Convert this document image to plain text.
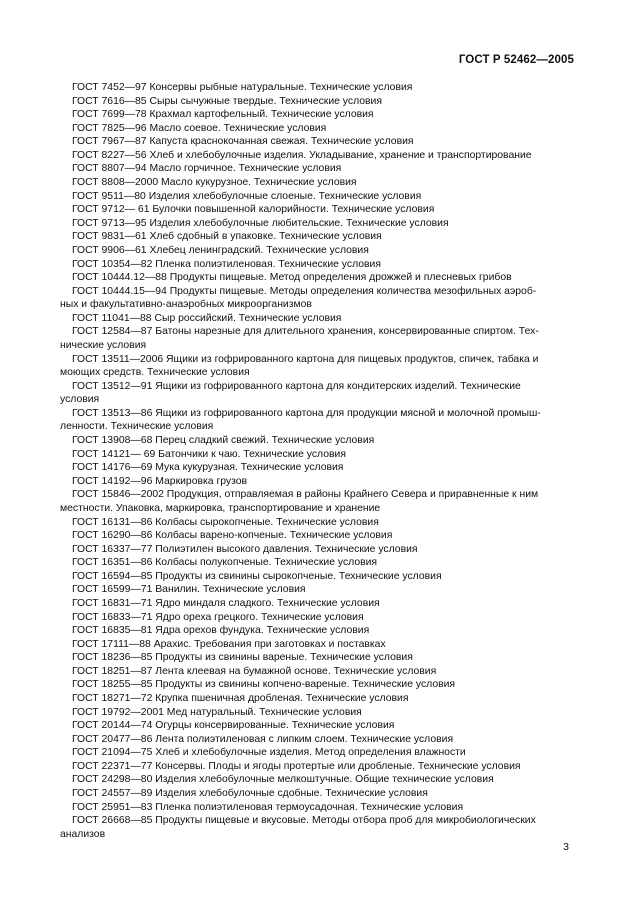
ГОСТ Р 52462—2005
ГОСТ 7452—97 Консервы рыбные натуральные. Технические условия
ГОСТ 7616—85 Сыры сычужные твердые. Технические условия
ГОСТ 7699—78 Крахмал картофельный. Технические условия
ГОСТ 7825—96 Масло соевое. Технические условия
ГОСТ 7967—87 Капуста краснокочанная свежая. Технические условия
ГОСТ 8227—56 Хлеб и хлебобулочные изделия. Укладывание, хранение и транспортирование
ГОСТ 8807—94 Масло горчичное. Технические условия
ГОСТ 8808—2000 Масло кукурузное. Технические условия
ГОСТ 9511—80 Изделия хлебобулочные слоеные. Технические условия
ГОСТ 9712— 61 Булочки повышенной калорийности. Технические условия
ГОСТ 9713—95 Изделия хлебобулочные любительские. Технические условия
ГОСТ 9831—61 Хлеб сдобный в упаковке. Технические условия
ГОСТ 9906—61 Хлебец ленинградский. Технические условия
ГОСТ 10354—82 Пленка полиэтиленовая. Технические условия
ГОСТ 10444.12—88 Продукты пищевые. Метод определения дрожжей и плесневых грибов
ГОСТ 10444.15—94 Продукты пищевые. Методы определения количества мезофильных аэроб-
ных и факультативно-анаэробных микроорганизмов
ГОСТ 11041—88 Сыр российский. Технические условия
ГОСТ 12584—87 Батоны нарезные для длительного хранения, консервированные спиртом. Тех-
нические условия
ГОСТ 13511—2006 Ящики из гофрированного картона для пищевых продуктов, спичек, табака и
моющих средств. Технические условия
ГОСТ 13512—91 Ящики из гофрированного картона для кондитерских изделий. Технические
условия
ГОСТ 13513—86 Ящики из гофрированного картона для продукции мясной и молочной промыш-
ленности. Технические условия
ГОСТ 13908—68 Перец сладкий свежий. Технические условия
ГОСТ 14121— 69 Батончики к чаю. Технические условия
ГОСТ 14176—69 Мука кукурузная. Технические условия
ГОСТ 14192—96 Маркировка грузов
ГОСТ 15846—2002 Продукция, отправляемая в районы Крайнего Севера и приравненные к ним
местности. Упаковка, маркировка, транспортирование и хранение
ГОСТ 16131—86 Колбасы сырокопченые. Технические условия
ГОСТ 16290—86 Колбасы варено-копченые. Технические условия
ГОСТ 16337—77 Полиэтилен высокого давления. Технические условия
ГОСТ 16351—86 Колбасы полукопченые. Технические условия
ГОСТ 16594—85 Продукты из свинины сырокопченые. Технические условия
ГОСТ 16599—71 Ванилин. Технические условия
ГОСТ 16831—71 Ядро миндаля сладкого. Технические условия
ГОСТ 16833—71 Ядро ореха грецкого. Технические условия
ГОСТ 16835—81 Ядра орехов фундука. Технические условия
ГОСТ 17111—88 Арахис. Требования при заготовках и поставках
ГОСТ 18236—85 Продукты из свинины вареные. Технические условия
ГОСТ 18251—87 Лента клеевая на бумажной основе. Технические условия
ГОСТ 18255—85 Продукты из свинины копчено-вареные. Технические условия
ГОСТ 18271—72 Крупка пшеничная дробленая. Технические условия
ГОСТ 19792—2001 Мед натуральный. Технические условия
ГОСТ 20144—74 Огурцы консервированные. Технические условия
ГОСТ 20477—86 Лента полиэтиленовая с липким слоем. Технические условия
ГОСТ 21094—75 Хлеб и хлебобулочные изделия. Метод определения влажности
ГОСТ 22371—77 Консервы. Плоды и ягоды протертые или дробленые. Технические условия
ГОСТ 24298—80 Изделия хлебобулочные мелкоштучные. Общие технические условия
ГОСТ 24557—89 Изделия хлебобулочные сдобные. Технические условия
ГОСТ 25951—83 Пленка полиэтиленовая термоусадочная. Технические условия
ГОСТ 26668—85 Продукты пищевые и вкусовые. Методы отбора проб для микробиологических
анализов
3
